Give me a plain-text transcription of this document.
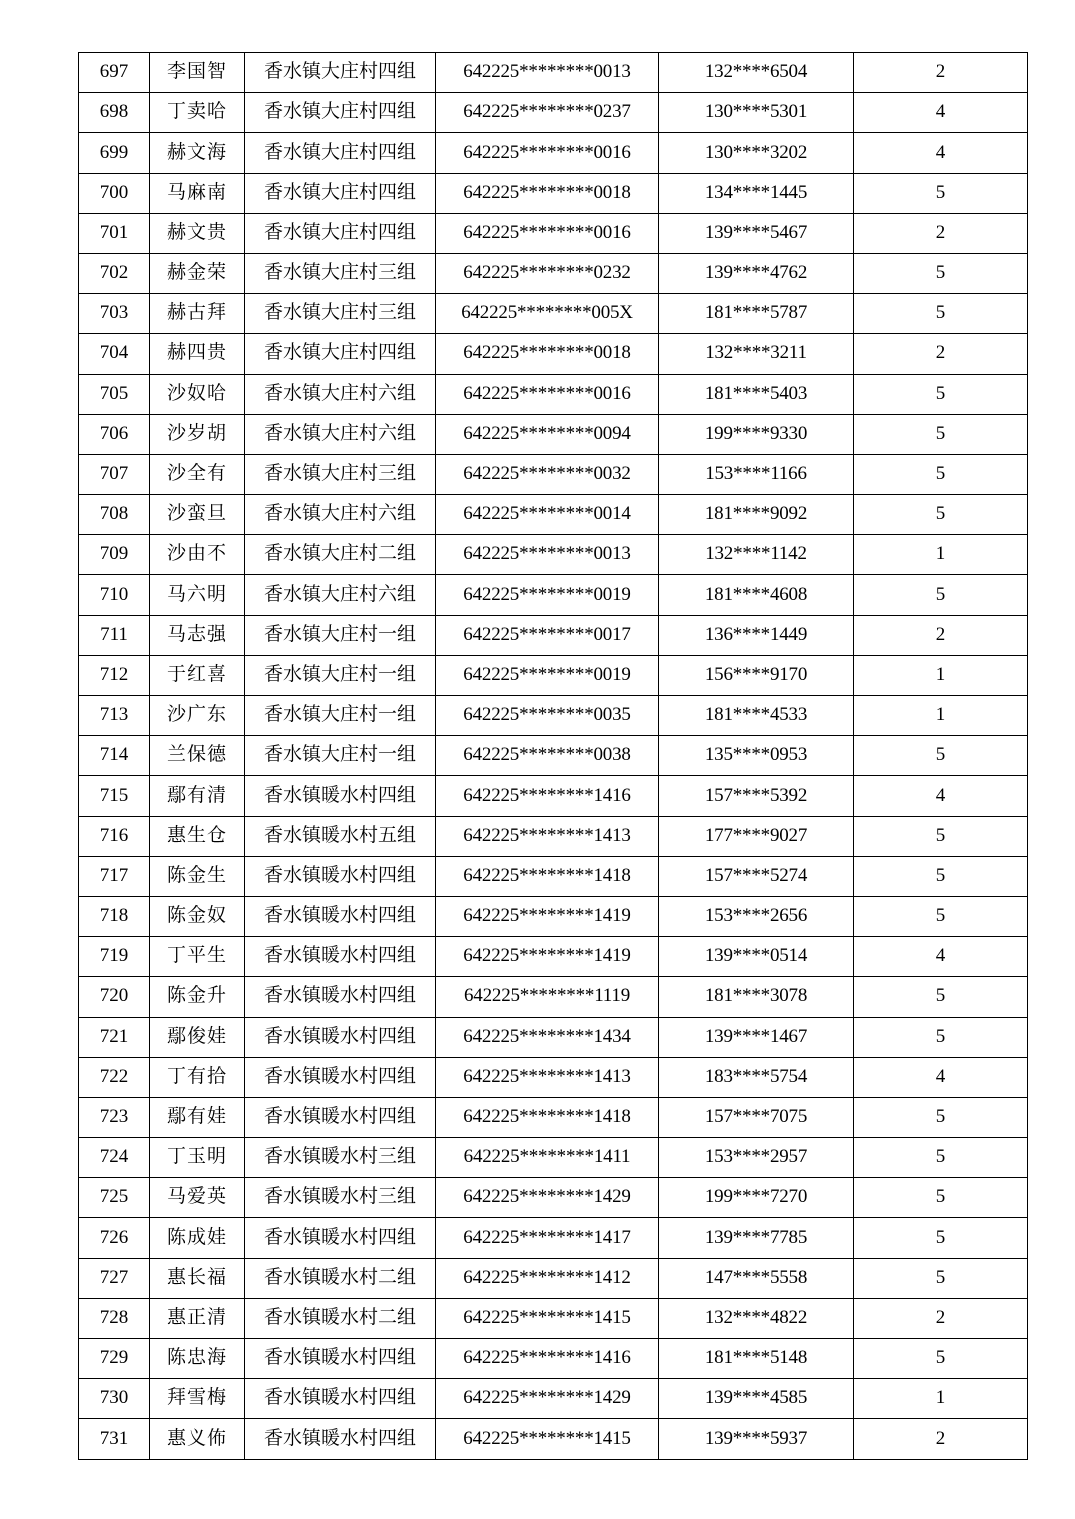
697	李国智	香水镇大庄村四组	642225********0013	132****6504	2
698	丁卖哈	香水镇大庄村四组	642225********0237	130****5301	4
699	赫文海	香水镇大庄村四组	642225********0016	130****3202	4
700	马麻南	香水镇大庄村四组	642225********0018	134****1445	5
701	赫文贵	香水镇大庄村四组	642225********0016	139****5467	2
702	赫金荣	香水镇大庄村三组	642225********0232	139****4762	5
703	赫古拜	香水镇大庄村三组	642225********005X	181****5787	5
704	赫四贵	香水镇大庄村四组	642225********0018	132****3211	2
705	沙奴哈	香水镇大庄村六组	642225********0016	181****5403	5
706	沙岁胡	香水镇大庄村六组	642225********0094	199****9330	5
707	沙全有	香水镇大庄村三组	642225********0032	153****1166	5
708	沙蛮旦	香水镇大庄村六组	642225********0014	181****9092	5
709	沙由不	香水镇大庄村二组	642225********0013	132****1142	1
710	马六明	香水镇大庄村六组	642225********0019	181****4608	5
711	马志强	香水镇大庄村一组	642225********0017	136****1449	2
712	于红喜	香水镇大庄村一组	642225********0019	156****9170	1
713	沙广东	香水镇大庄村一组	642225********0035	181****4533	1
714	兰保德	香水镇大庄村一组	642225********0038	135****0953	5
715	鄢有清	香水镇暖水村四组	642225********1416	157****5392	4
716	惠生仓	香水镇暖水村五组	642225********1413	177****9027	5
717	陈金生	香水镇暖水村四组	642225********1418	157****5274	5
718	陈金奴	香水镇暖水村四组	642225********1419	153****2656	5
719	丁平生	香水镇暖水村四组	642225********1419	139****0514	4
720	陈金升	香水镇暖水村四组	642225********1119	181****3078	5
721	鄢俊娃	香水镇暖水村四组	642225********1434	139****1467	5
722	丁有拾	香水镇暖水村四组	642225********1413	183****5754	4
723	鄢有娃	香水镇暖水村四组	642225********1418	157****7075	5
724	丁玉明	香水镇暖水村三组	642225********1411	153****2957	5
725	马爱英	香水镇暖水村三组	642225********1429	199****7270	5
726	陈成娃	香水镇暖水村四组	642225********1417	139****7785	5
727	惠长福	香水镇暖水村二组	642225********1412	147****5558	5
728	惠正清	香水镇暖水村二组	642225********1415	132****4822	2
729	陈忠海	香水镇暖水村四组	642225********1416	181****5148	5
730	拜雪梅	香水镇暖水村四组	642225********1429	139****4585	1
731	惠义佈	香水镇暖水村四组	642225********1415	139****5937	2
